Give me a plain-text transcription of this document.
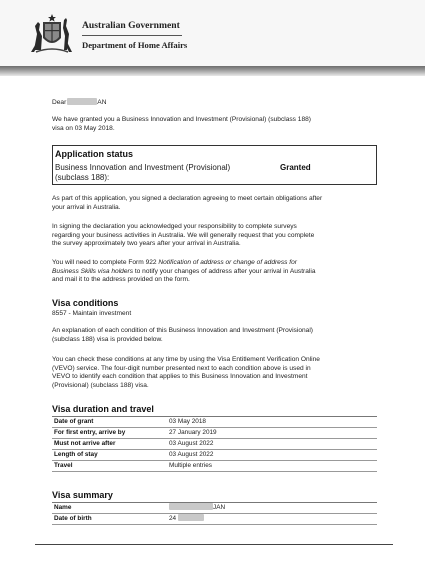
Australian Government
Department of Home Affairs
Dear	AN
We have granted you a Business Innovation and Investment (Provisional) (subclass 188)
visa on 03 May 2018.
Application status
Business Innovation and Investment (Provisional)	Granted
(subclass 188):
As part of this application, you signed a declaration agreeing to meet certain obligations after
your arrival in Australia.
In signing the declaration you acknowledged your responsibility to complete surveys
regarding your business activities in Australia. We will generally request that you complete
the survey approximately two years after your arrival in Australia.
You will need to complete Form 922 Notification of address or change of address for
Business Skills visa holders to notify your changes of address after your arrival in Australia
and mail it to the address provided on the form.
Visa conditions
8557 - Maintain investment
An explanation of each condition of this Business Innovation and Investment (Provisional)
(subclass 188) visa is provided below.
You can check these conditions at any time by using the Visa Entitlement Verification Online
(VEVO) service. The four-digit number presented next to each condition above is used in
VEVO to identify each condition that applies to this Business Innovation and Investment
(Provisional) (subclass 188) visa.
Visa duration and travel
Date of grant	03 May 2018
For first entry, arrive by	27 January 2019
Must not arrive after	03 August 2022
Length of stay	03 August 2022
Travel	Multiple entries
Visa summary
Name	JAN
Date of birth	24
